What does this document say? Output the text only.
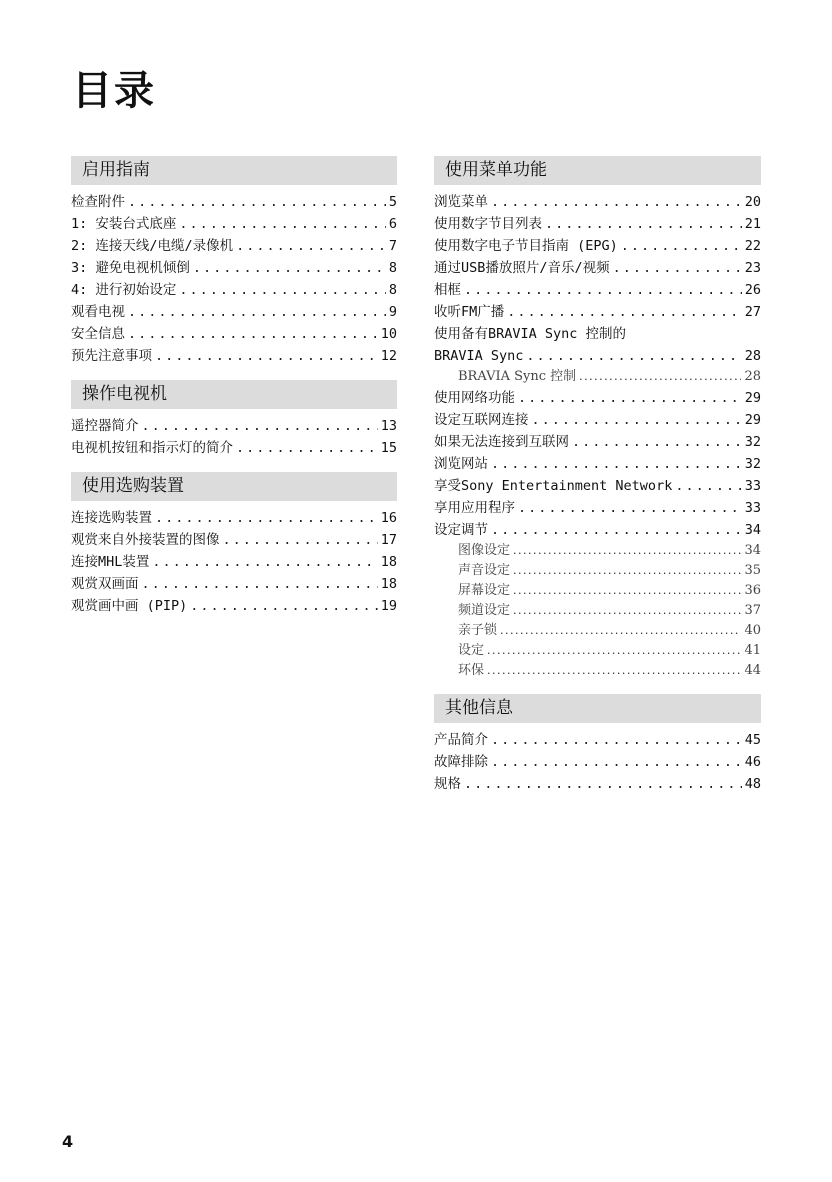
目录
启用指南
检查附件 .....	5
1: 安装台式底座 .....	6
2: 连接天线/电缆/录像机 .....	7
3: 避免电视机倾倒 .....	8
4: 进行初始设定 .....	8
观看电视 .....	9
安全信息 .....	10
预先注意事项 .....	12
操作电视机
遥控器简介 .....	13
电视机按钮和指示灯的简介 .....	15
使用选购装置
连接选购装置 .....	16
观赏来自外接装置的图像 .....	17
连接MHL装置 .....	18
观赏双画面 .....	18
观赏画中画 (PIP) .....	19
使用菜单功能
浏览菜单 .....	20
使用数字节目列表 .....	21
使用数字电子节目指南 (EPG) .....	22
通过USB播放照片/音乐/视频 .....	23
相框 .....	26
收听FM广播 .....	27
使用备有BRAVIA Sync 控制的
BRAVIA Sync .....	28
BRAVIA Sync 控制 .....	28
使用网络功能 .....	29
设定互联网连接 .....	29
如果无法连接到互联网 .....	32
浏览网站 .....	32
享受Sony Entertainment Network .....	33
享用应用程序 .....	33
设定调节 .....	34
图像设定 .....	34
声音设定 .....	35
屏幕设定 .....	36
频道设定 .....	37
亲子锁 .....	40
设定 .....	41
环保 .....	44
其他信息
产品简介 .....	45
故障排除 .....	46
规格 .....	48
4
